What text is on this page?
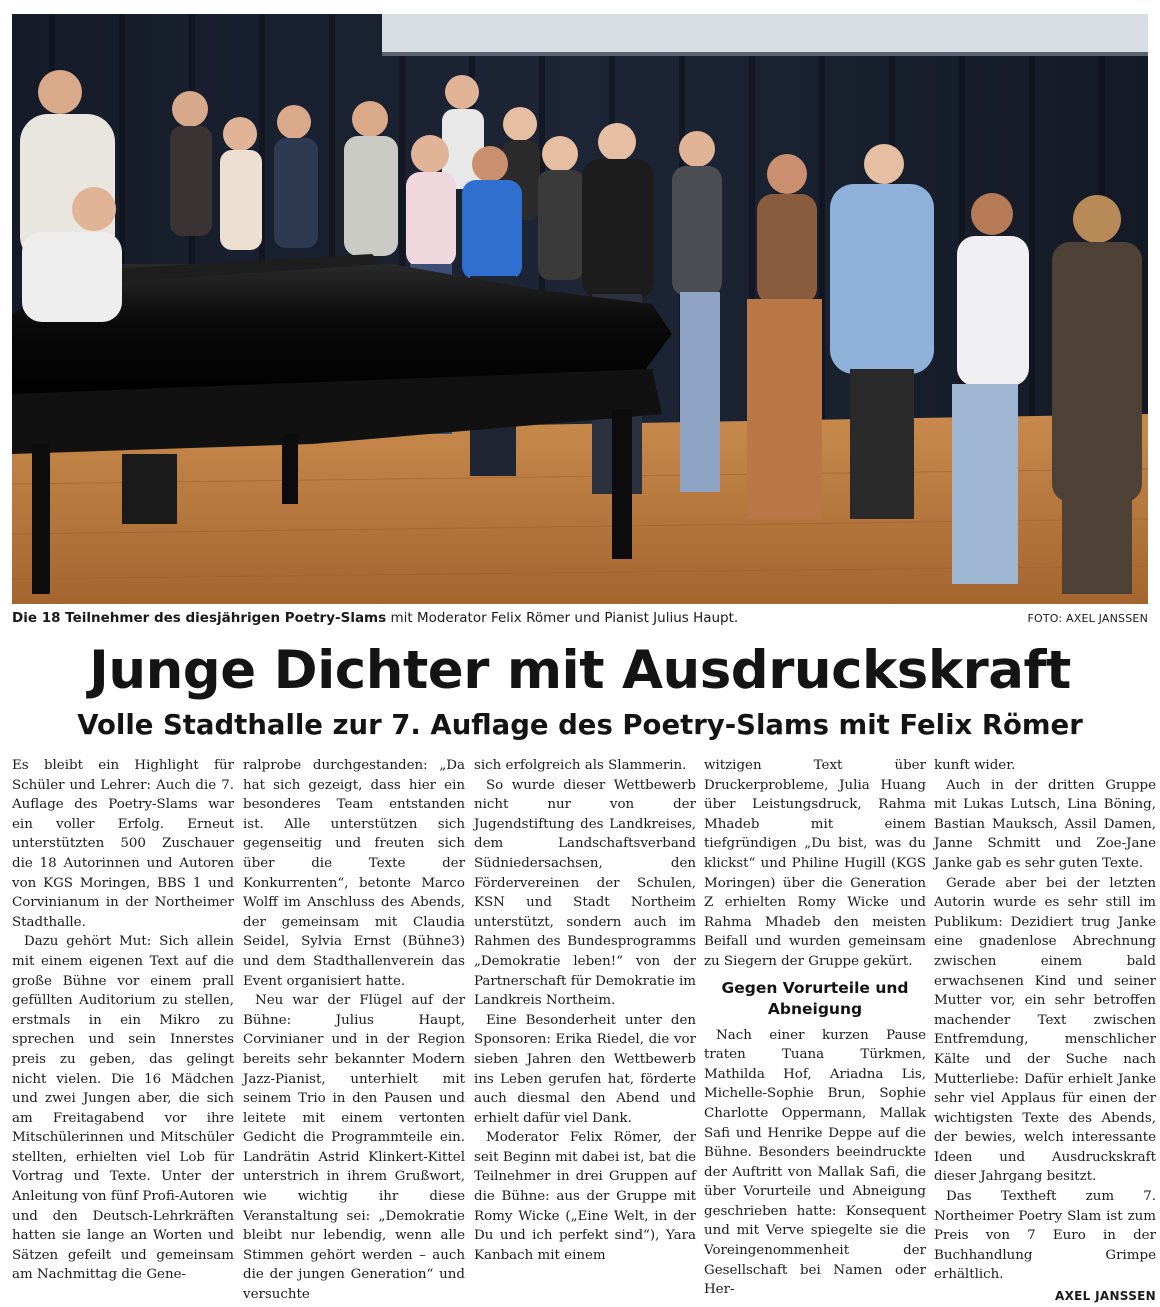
Die 18 Teilnehmer des diesjährigen Poetry-Slams mit Moderator Felix Römer und Pianist Julius Haupt.	FOTO: AXEL JANSSEN
Junge Dichter mit Ausdruckskraft
Volle Stadthalle zur 7. Auflage des Poetry-Slams mit Felix Römer

Es bleibt ein Highlight für Schüler und Lehrer: Auch die 7. Auflage des Poetry-Slams war ein voller Erfolg. Erneut unterstützten 500 Zuschauer die 18 Autorinnen und Autoren von KGS Moringen, BBS 1 und Corvinianum in der Northeimer Stadthalle.

Dazu gehört Mut: Sich allein mit einem eigenen Text auf die große Bühne vor einem prall gefüllten Auditorium zu stellen, erstmals in ein Mikro zu sprechen und sein Innerstes preis zu geben, das gelingt nicht vielen. Die 16 Mädchen und zwei Jungen aber, die sich am Freitagabend vor ihre Mitschülerinnen und Mitschüler stellten, erhielten viel Lob für Vortrag und Texte. Unter der Anleitung von fünf Profi-Autoren und den Deutsch-Lehrkräften hatten sie lange an Worten und Sätzen gefeilt und gemeinsam am Nachmittag die Gene-

ralprobe durchgestanden: „Da hat sich gezeigt, dass hier ein besonderes Team entstanden ist. Alle unterstützen sich gegenseitig und freuten sich über die Texte der Konkurrenten“, betonte Marco Wolff im Anschluss des Abends, der gemeinsam mit Claudia Seidel, Sylvia Ernst (Bühne3) und dem Stadthallenverein das Event organisiert hatte.

Neu war der Flügel auf der Bühne: Julius Haupt, Corvinianer und in der Region bereits sehr bekannter Modern Jazz-Pianist, unterhielt mit seinem Trio in den Pausen und leitete mit einem vertonten Gedicht die Programmteile ein. Landrätin Astrid Klinkert-Kittel unterstrich in ihrem Grußwort, wie wichtig ihr diese Veranstaltung sei: „Demokratie bleibt nur lebendig, wenn alle Stimmen gehört werden – auch die der jungen Generation“ und versuchte

sich erfolgreich als Slammerin.

So wurde dieser Wettbewerb nicht nur von der Jugendstiftung des Landkreises, dem Landschaftsverband Südniedersachsen, den Fördervereinen der Schulen, KSN und Stadt Northeim unterstützt, sondern auch im Rahmen des Bundesprogramms „Demokratie leben!“ von der Partnerschaft für Demokratie im Landkreis Northeim.

Eine Besonderheit unter den Sponsoren: Erika Riedel, die vor sieben Jahren den Wettbewerb ins Leben gerufen hat, förderte auch diesmal den Abend und erhielt dafür viel Dank.

Moderator Felix Römer, der seit Beginn mit dabei ist, bat die Teilnehmer in drei Gruppen auf die Bühne: aus der Gruppe mit Romy Wicke („Eine Welt, in der Du und ich perfekt sind“), Yara Kanbach mit einem

witzigen Text über Druckerprobleme, Julia Huang über Leistungsdruck, Rahma Mhadeb mit einem tiefgründigen „Du bist, was du klickst“ und Philine Hugill (KGS Moringen) über die Generation Z erhielten Romy Wicke und Rahma Mhadeb den meisten Beifall und wurden gemeinsam zu Siegern der Gruppe gekürt.

Gegen Vorurteile und Abneigung

Nach einer kurzen Pause traten Tuana Türkmen, Mathilda Hof, Ariadna Lis, Michelle-Sophie Brun, Sophie Charlotte Oppermann, Mallak Safi und Henrike Deppe auf die Bühne. Besonders beeindruckte der Auftritt von Mallak Safi, die über Vorurteile und Abneigung geschrieben hatte: Konsequent und mit Verve spiegelte sie die Voreingenommenheit der Gesellschaft bei Namen oder Her-

kunft wider.

Auch in der dritten Gruppe mit Lukas Lutsch, Lina Böning, Bastian Mauksch, Assil Damen, Janne Schmitt und Zoe-Jane Janke gab es sehr guten Texte.

Gerade aber bei der letzten Autorin wurde es sehr still im Publikum: Dezidiert trug Janke eine gnadenlose Abrechnung zwischen einem bald erwachsenen Kind und seiner Mutter vor, ein sehr betroffen machender Text zwischen Entfremdung, menschlicher Kälte und der Suche nach Mutterliebe: Dafür erhielt Janke sehr viel Applaus für einen der wichtigsten Texte des Abends, der bewies, welch interessante Ideen und Ausdruckskraft dieser Jahrgang besitzt.

Das Textheft zum 7. Northeimer Poetry Slam ist zum Preis von 7 Euro in der Buchhandlung Grimpe erhältlich.

AXEL JANSSEN
